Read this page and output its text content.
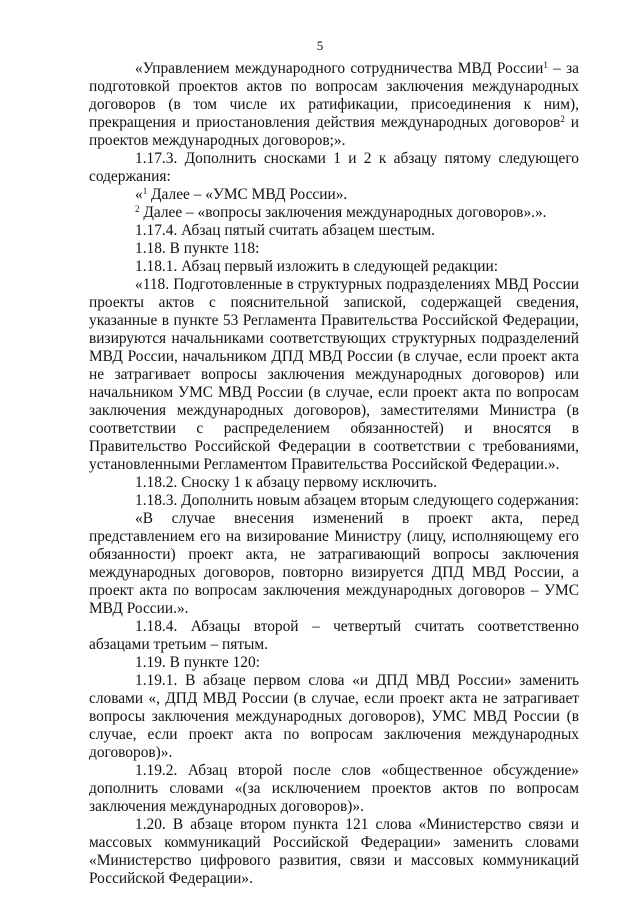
5

«Управлением международного сотрудничества МВД России$^1$ – за подготовкой проектов актов по вопросам заключения международных договоров (в том числе их ратификации, присоединения к ним), прекращения и приостановления действия международных договоров$^2$ и проектов международных договоров;».

1.17.3. Дополнить сносками 1 и 2 к абзацу пятому следующего содержания:

«$^1$ Далее – «УМС МВД России».

$^2$ Далее – «вопросы заключения международных договоров».».

1.17.4. Абзац пятый считать абзацем шестым.

1.18. В пункте 118:

1.18.1. Абзац первый изложить в следующей редакции:

«118. Подготовленные в структурных подразделениях МВД России проекты актов с пояснительной запиской, содержащей сведения, указанные в пункте 53 Регламента Правительства Российской Федерации, визируются начальниками соответствующих структурных подразделений МВД России, начальником ДПД МВД России (в случае, если проект акта не затрагивает вопросы заключения международных договоров) или начальником УМС МВД России (в случае, если проект акта по вопросам заключения международных договоров), заместителями Министра (в соответствии с распределением обязанностей) и вносятся в Правительство Российской Федерации в соответствии с требованиями, установленными Регламентом Правительства Российской Федерации.».

1.18.2. Сноску 1 к абзацу первому исключить.

1.18.3. Дополнить новым абзацем вторым следующего содержания:

«В случае внесения изменений в проект акта, перед представлением его на визирование Министру (лицу, исполняющему его обязанности) проект акта, не затрагивающий вопросы заключения международных договоров, повторно визируется ДПД МВД России, а проект акта по вопросам заключения международных договоров – УМС МВД России.».

1.18.4. Абзацы второй – четвертый считать соответственно абзацами третьим – пятым.

1.19. В пункте 120:

1.19.1. В абзаце первом слова «и ДПД МВД России» заменить словами «, ДПД МВД России (в случае, если проект акта не затрагивает вопросы заключения международных договоров), УМС МВД России (в случае, если проект акта по вопросам заключения международных договоров)».

1.19.2. Абзац второй после слов «общественное обсуждение» дополнить словами «(за исключением проектов актов по вопросам заключения международных договоров)».

1.20. В абзаце втором пункта 121 слова «Министерство связи и массовых коммуникаций Российской Федерации» заменить словами «Министерство цифрового развития, связи и массовых коммуникаций Российской Федерации».
